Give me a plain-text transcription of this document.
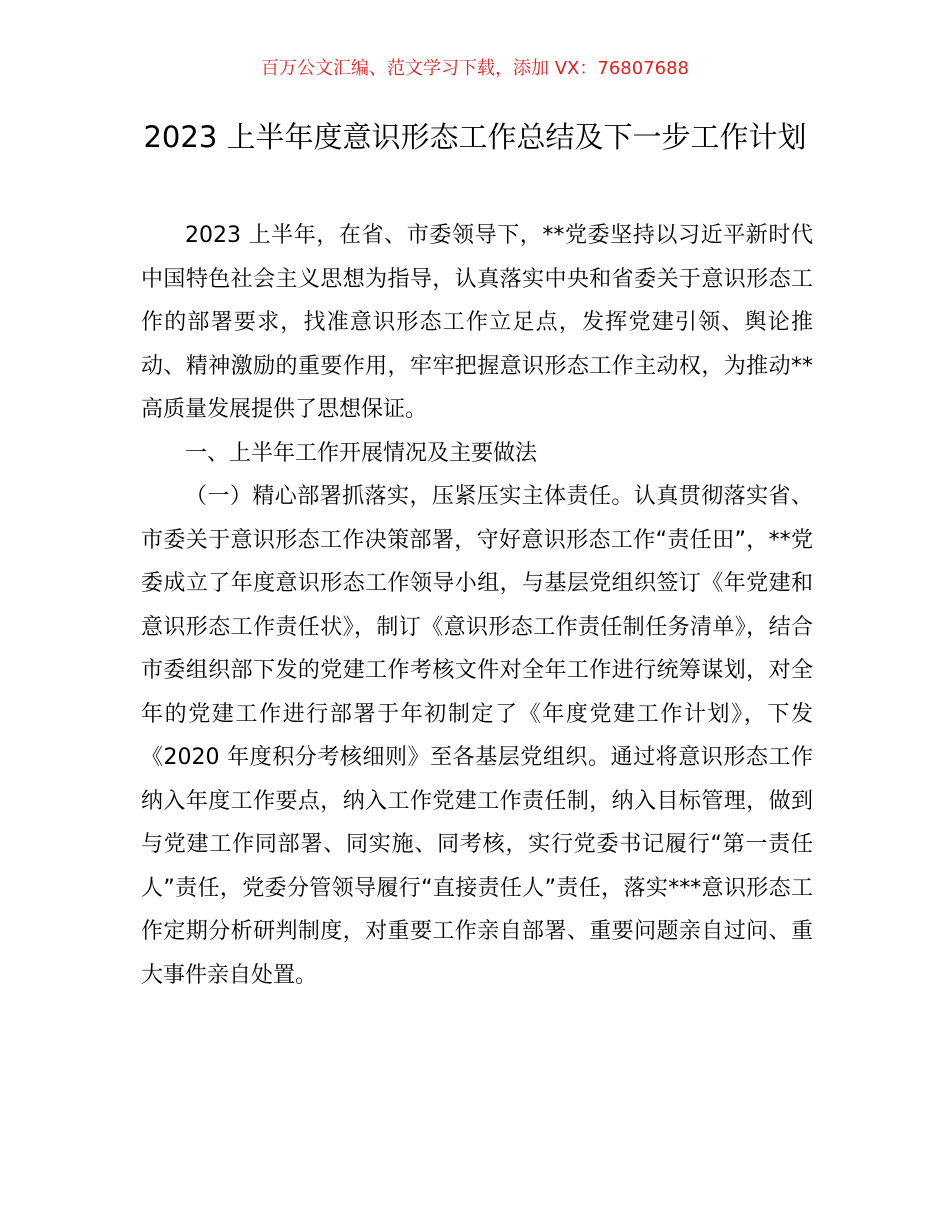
百万公文汇编、范文学习下载，添加 VX：76807688
2023 上半年度意识形态工作总结及下一步工作计划

2023 上半年，在省、市委领导下，**党委坚持以习近平新时代中国特色社会主义思想为指导，认真落实中央和省委关于意识形态工作的部署要求，找准意识形态工作立足点，发挥党建引领、舆论推动、精神激励的重要作用，牢牢把握意识形态工作主动权，为推动**高质量发展提供了思想保证。

一、上半年工作开展情况及主要做法

（一）精心部署抓落实，压紧压实主体责任。认真贯彻落实省、市委关于意识形态工作决策部署，守好意识形态工作“责任田”，**党委成立了年度意识形态工作领导小组，与基层党组织签订《年党建和意识形态工作责任状》，制订《意识形态工作责任制任务清单》，结合市委组织部下发的党建工作考核文件对全年工作进行统筹谋划，对全年的党建工作进行部署于年初制定了《年度党建工作计划》，下发《2020 年度积分考核细则》至各基层党组织。通过将意识形态工作纳入年度工作要点，纳入工作党建工作责任制，纳入目标管理，做到与党建工作同部署、同实施、同考核，实行党委书记履行“第一责任人”责任，党委分管领导履行“直接责任人”责任，落实***意识形态工作定期分析研判制度，对重要工作亲自部署、重要问题亲自过问、重大事件亲自处置。
